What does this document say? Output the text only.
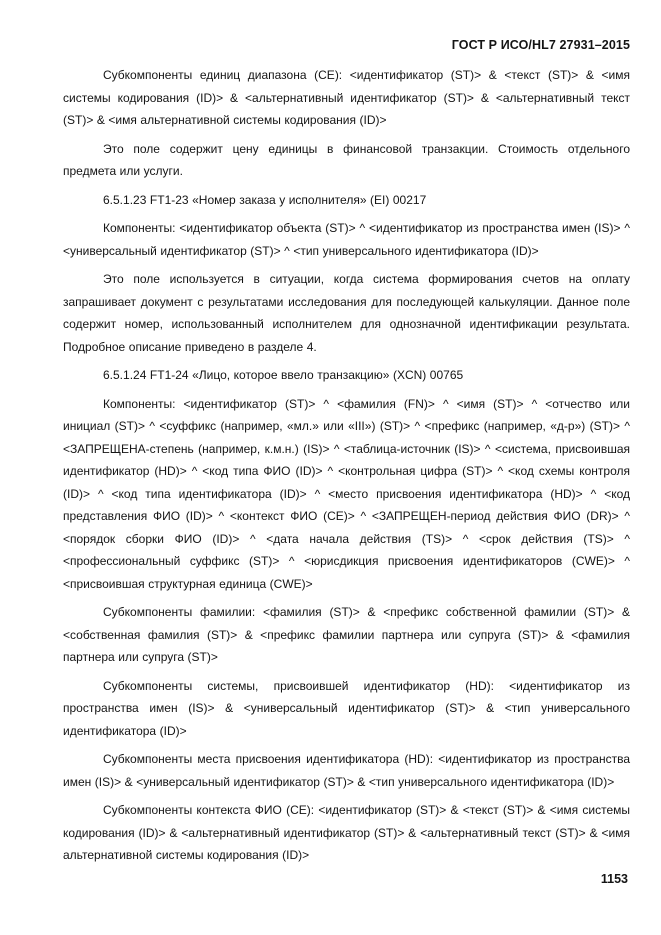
ГОСТ Р ИСО/HL7 27931–2015

Субкомпоненты единиц диапазона (CE): <идентификатор (ST)> & <текст (ST)> & <имя системы кодирования (ID)> & <альтернативный идентификатор (ST)> & <альтернативный текст (ST)> & <имя альтернативной системы кодирования (ID)>

Это поле содержит цену единицы в финансовой транзакции. Стоимость отдельного предмета или услуги.

6.5.1.23 FT1-23 «Номер заказа у исполнителя» (EI) 00217

Компоненты: <идентификатор объекта (ST)> ^ <идентификатор из пространства имен (IS)> ^ <универсальный идентификатор (ST)> ^ <тип универсального идентификатора (ID)>

Это поле используется в ситуации, когда система формирования счетов на оплату запрашивает документ с результатами исследования для последующей калькуляции. Данное поле содержит номер, использованный исполнителем для однозначной идентификации результата. Подробное описание приведено в разделе 4.

6.5.1.24 FT1-24 «Лицо, которое ввело транзакцию» (XCN) 00765

Компоненты: <идентификатор (ST)> ^ <фамилия (FN)> ^ <имя (ST)> ^ <отчество или инициал (ST)> ^ <суффикс (например, «мл.» или «III») (ST)> ^ <префикс (например, «д-р») (ST)> ^ <ЗАПРЕЩЕНА-степень (например, к.м.н.) (IS)> ^ <таблица-источник (IS)> ^ <система, присвоившая идентификатор (HD)> ^ <код типа ФИО (ID)> ^ <контрольная цифра (ST)> ^ <код схемы контроля (ID)> ^ <код типа идентификатора (ID)> ^ <место присвоения идентификатора (HD)> ^ <код представления ФИО (ID)> ^ <контекст ФИО (CE)> ^ <ЗАПРЕЩЕН-период действия ФИО (DR)> ^ <порядок сборки ФИО (ID)> ^ <дата начала действия (TS)> ^ <срок действия (TS)> ^ <профессиональный суффикс (ST)> ^ <юрисдикция присвоения идентификаторов (CWE)> ^ <присвоившая структурная единица (CWE)>

Субкомпоненты фамилии: <фамилия (ST)> & <префикс собственной фамилии (ST)> & <собственная фамилия (ST)> & <префикс фамилии партнера или супруга (ST)> & <фамилия партнера или супруга (ST)>

Субкомпоненты системы, присвоившей идентификатор (HD): <идентификатор из пространства имен (IS)> & <универсальный идентификатор (ST)> & <тип универсального идентификатора (ID)>

Субкомпоненты места присвоения идентификатора (HD): <идентификатор из пространства имен (IS)> & <универсальный идентификатор (ST)> & <тип универсального идентификатора (ID)>

Субкомпоненты контекста ФИО (CE): <идентификатор (ST)> & <текст (ST)> & <имя системы кодирования (ID)> & <альтернативный идентификатор (ST)> & <альтернативный текст (ST)> & <имя альтернативной системы кодирования (ID)>

1153
